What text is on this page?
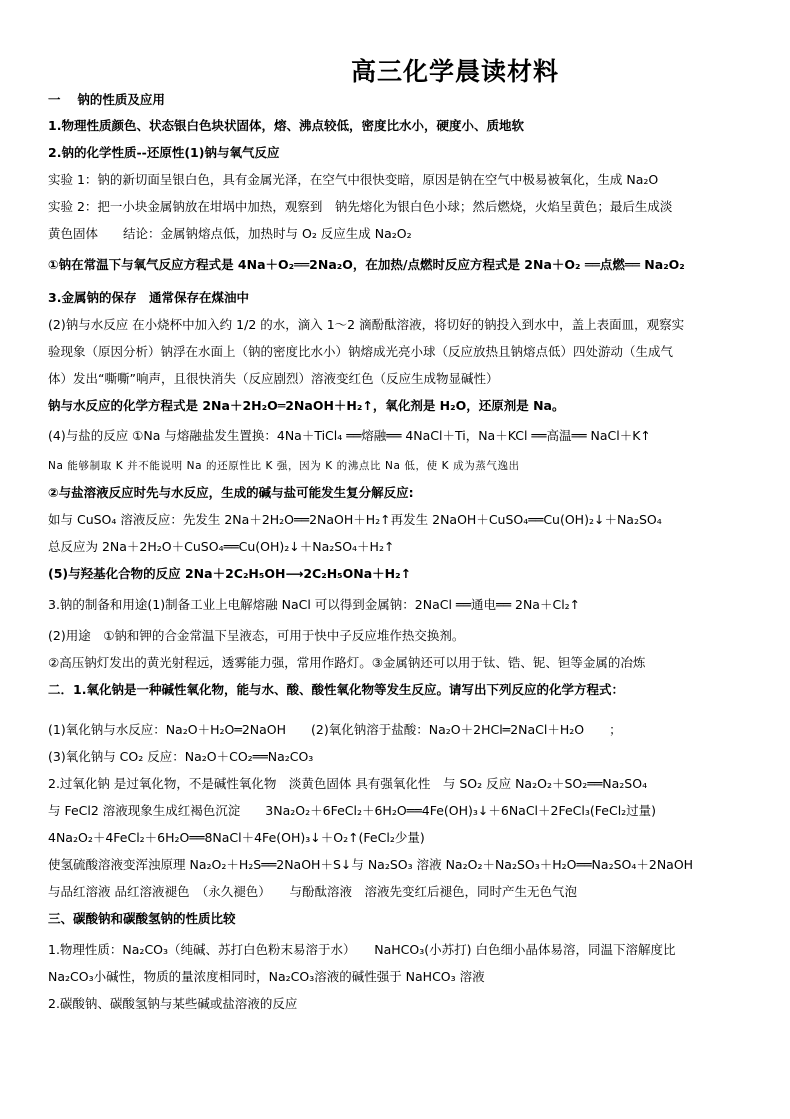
高三化学晨读材料
一　 钠的性质及应用
1.物理性质颜色、状态银白色块状固体，熔、沸点较低，密度比水小，硬度小、质地软
2.钠的化学性质--还原性(1)钠与氧气反应
实验 1：钠的新切面呈银白色，具有金属光泽，在空气中很快变暗，原因是钠在空气中极易被氧化，生成 Na₂O
实验 2：把一小块金属钠放在坩埚中加热，观察到　钠先熔化为银白色小球；然后燃烧，火焰呈黄色；最后生成淡
黄色固体　　结论：金属钠熔点低，加热时与 O₂ 反应生成 Na₂O₂
①钠在常温下与氧气反应方程式是 4Na＋O₂══2Na₂O，在加热/点燃时反应方程式是 2Na＋O₂ ══点燃══ Na₂O₂
3.金属钠的保存　通常保存在煤油中
(2)钠与水反应 在小烧杯中加入约 1/2 的水，滴入 1～2 滴酚酞溶液，将切好的钠投入到水中，盖上表面皿，观察实
验现象（原因分析）钠浮在水面上（钠的密度比水小）钠熔成光亮小球（反应放热且钠熔点低）四处游动（生成气
体）发出“嘶嘶”响声，且很快消失（反应剧烈）溶液变红色（反应生成物显碱性）
钠与水反应的化学方程式是 2Na＋2H₂O═2NaOH＋H₂↑，氧化剂是 H₂O，还原剂是 Na。
(4)与盐的反应 ①Na 与熔融盐发生置换：4Na＋TiCl₄ ══熔融══ 4NaCl＋Ti，Na＋KCl ══高温══ NaCl＋K↑
Na 能够制取 K 并不能说明 Na 的还原性比 K 强，因为 K 的沸点比 Na 低，使 K 成为蒸气逸出
②与盐溶液反应时先与水反应，生成的碱与盐可能发生复分解反应:
如与 CuSO₄ 溶液反应：先发生 2Na＋2H₂O══2NaOH＋H₂↑再发生 2NaOH＋CuSO₄══Cu(OH)₂↓＋Na₂SO₄
总反应为 2Na＋2H₂O＋CuSO₄══Cu(OH)₂↓＋Na₂SO₄＋H₂↑
(5)与羟基化合物的反应 2Na＋2C₂H₅OH⟶2C₂H₅ONa＋H₂↑
3.钠的制备和用途(1)制备工业上电解熔融 NaCl 可以得到金属钠：2NaCl ══通电══ 2Na＋Cl₂↑
(2)用途　①钠和钾的合金常温下呈液态，可用于快中子反应堆作热交换剂。
②高压钠灯发出的黄光射程远，透雾能力强，常用作路灯。③金属钠还可以用于钛、锆、铌、钽等金属的冶炼
二．1.氧化钠是一种碱性氧化物，能与水、酸、酸性氧化物等发生反应。请写出下列反应的化学方程式：
(1)氧化钠与水反应：Na₂O＋H₂O═2NaOH　　(2)氧化钠溶于盐酸：Na₂O＋2HCl═2NaCl＋H₂O　　；
(3)氧化钠与 CO₂ 反应：Na₂O＋CO₂══Na₂CO₃
2.过氧化钠 是过氧化物，不是碱性氧化物　淡黄色固体 具有强氧化性　与 SO₂ 反应 Na₂O₂＋SO₂══Na₂SO₄
与 FeCl2 溶液现象生成红褐色沉淀　　3Na₂O₂＋6FeCl₂＋6H₂O══4Fe(OH)₃↓＋6NaCl＋2FeCl₃(FeCl₂过量)
4Na₂O₂＋4FeCl₂＋6H₂O══8NaCl＋4Fe(OH)₃↓＋O₂↑(FeCl₂少量)
使氢硫酸溶液变浑浊原理 Na₂O₂＋H₂S══2NaOH＋S↓与 Na₂SO₃ 溶液 Na₂O₂＋Na₂SO₃＋H₂O══Na₂SO₄＋2NaOH
与品红溶液 品红溶液褪色　（永久褪色）　　与酚酞溶液　溶液先变红后褪色，同时产生无色气泡
三、碳酸钠和碳酸氢钠的性质比较
1.物理性质：Na₂CO₃（纯碱、苏打白色粉末易溶于水）　　NaHCO₃(小苏打) 白色细小晶体易溶，同温下溶解度比
Na₂CO₃小碱性，物质的量浓度相同时，Na₂CO₃溶液的碱性强于 NaHCO₃ 溶液
2.碳酸钠、碳酸氢钠与某些碱或盐溶液的反应
